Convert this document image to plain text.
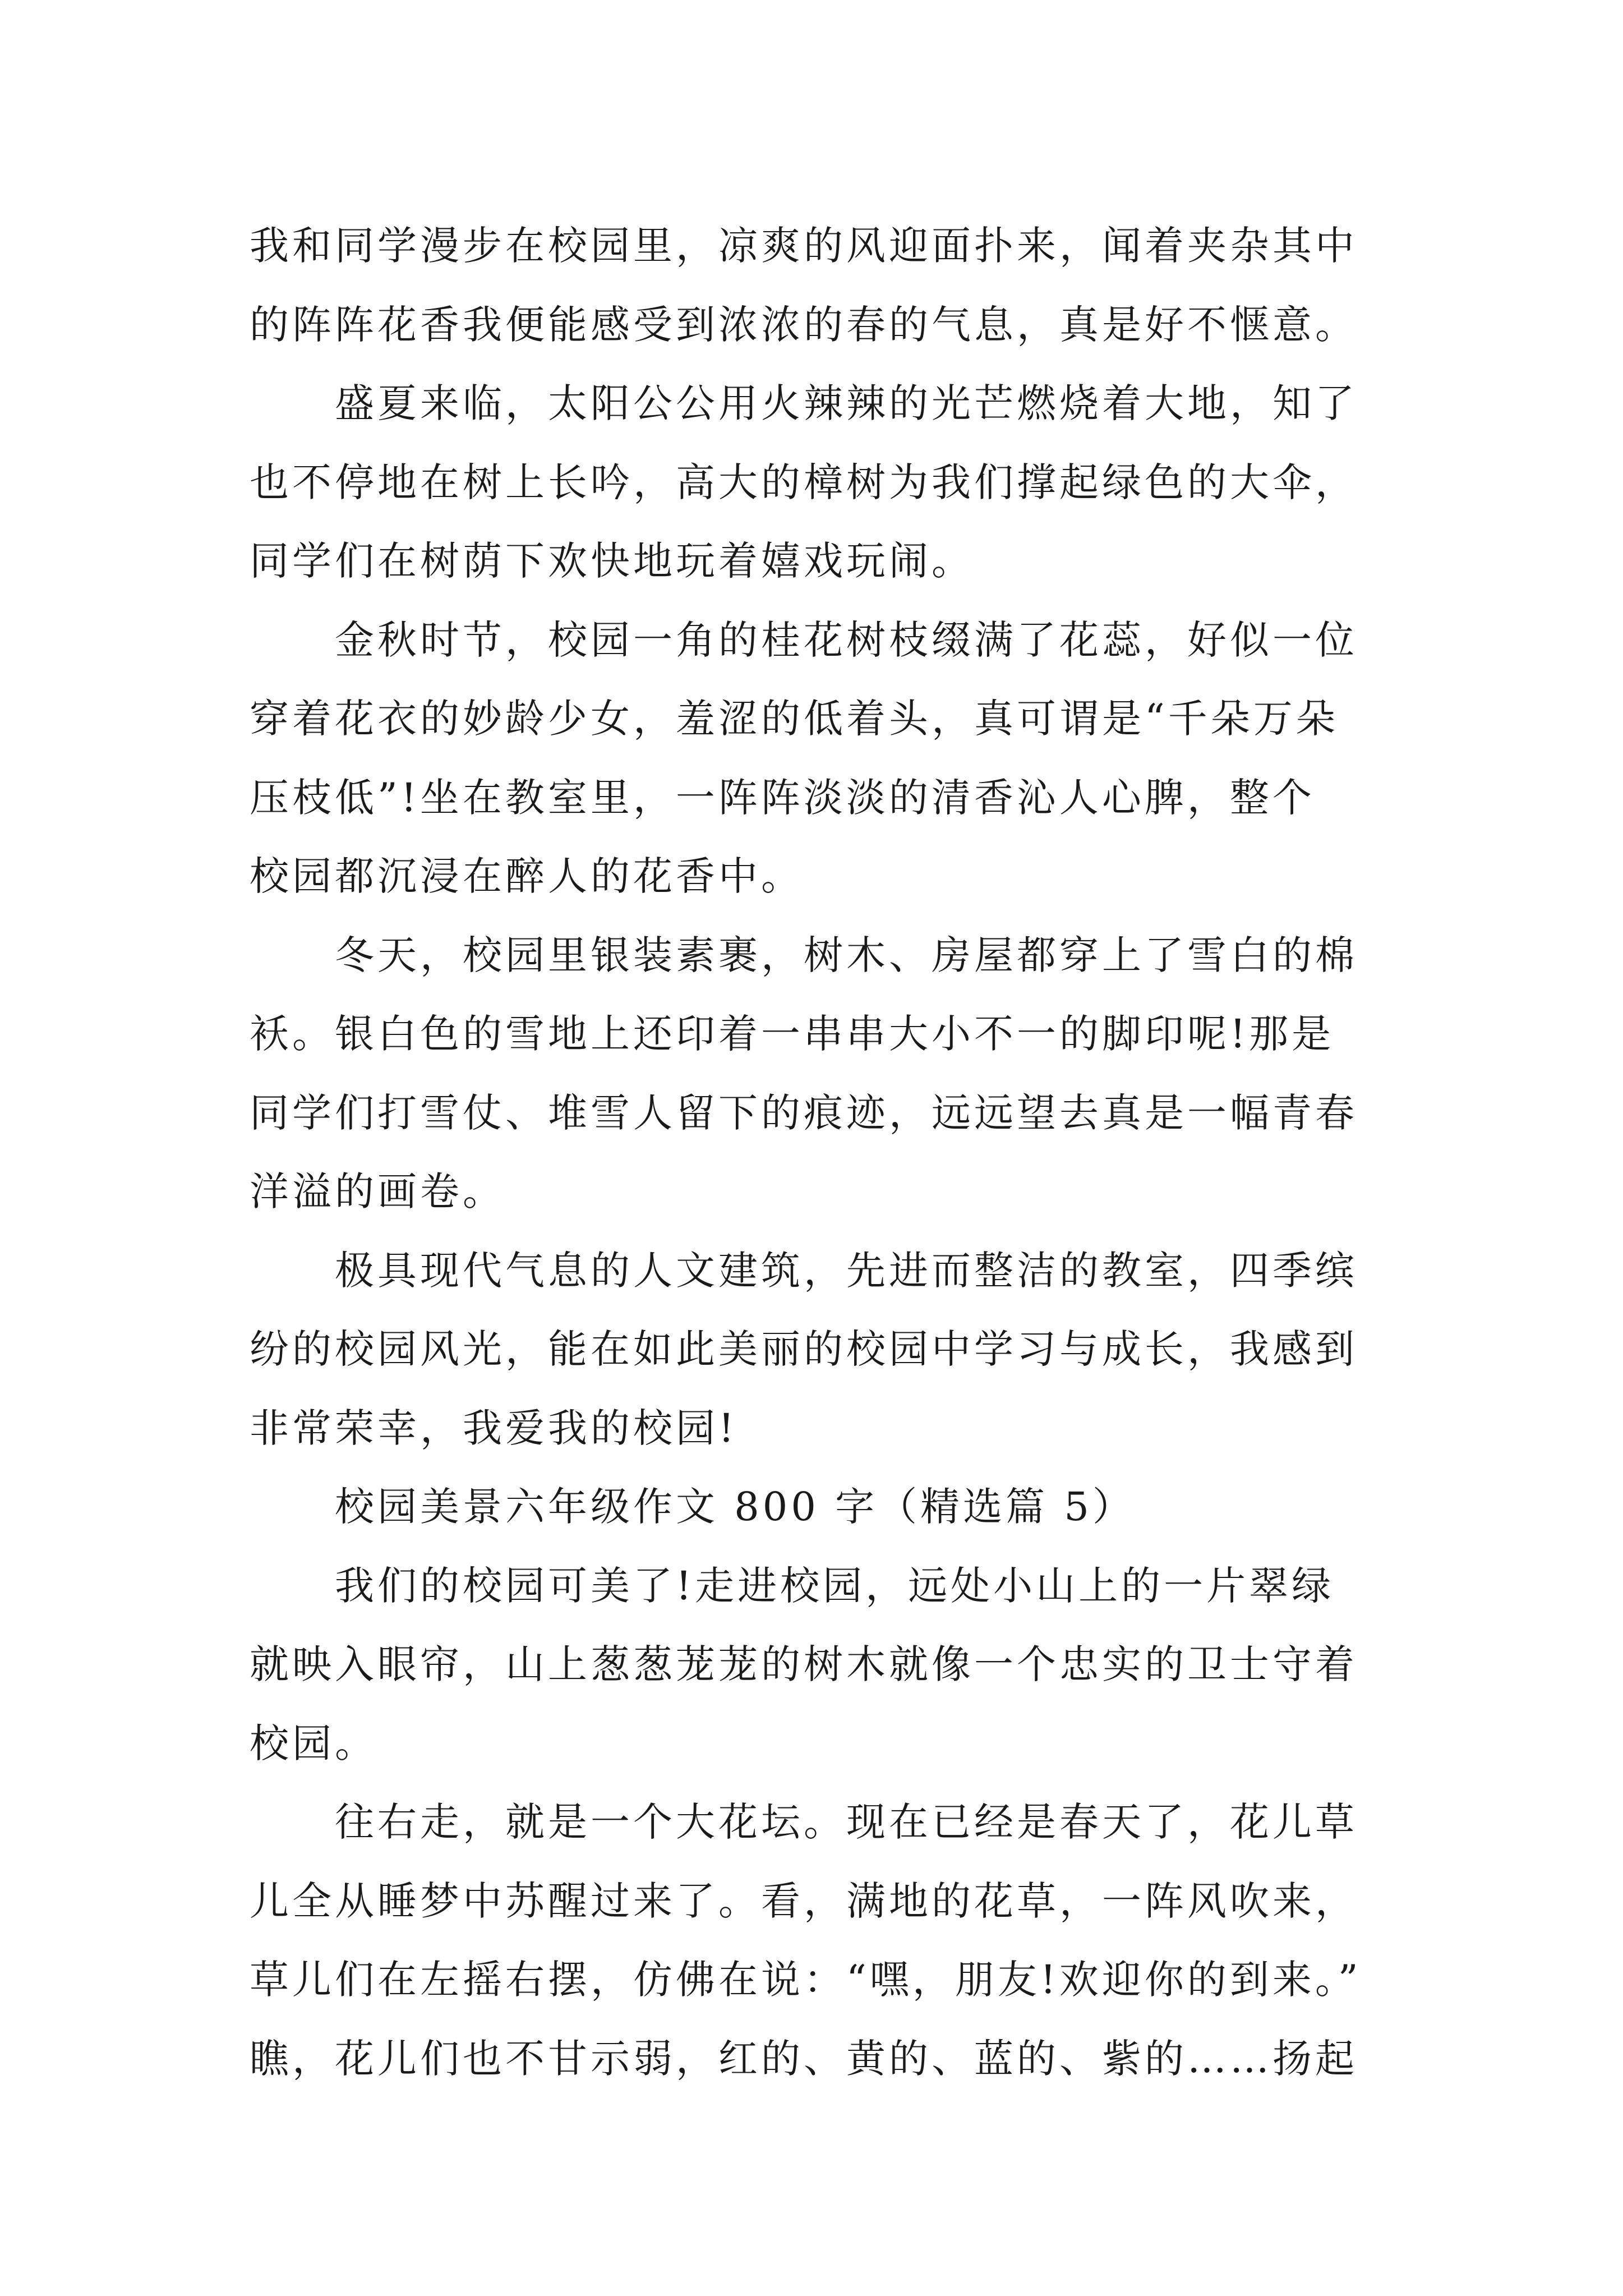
我和同学漫步在校园里，凉爽的风迎面扑来，闻着夹杂其中
的阵阵花香我便能感受到浓浓的春的气息，真是好不惬意。
盛夏来临，太阳公公用火辣辣的光芒燃烧着大地，知了
也不停地在树上长吟，高大的樟树为我们撑起绿色的大伞，
同学们在树荫下欢快地玩着嬉戏玩闹。
金秋时节，校园一角的桂花树枝缀满了花蕊，好似一位
穿着花衣的妙龄少女，羞涩的低着头，真可谓是“千朵万朵
压枝低”!坐在教室里，一阵阵淡淡的清香沁人心脾，整个
校园都沉浸在醉人的花香中。
冬天，校园里银装素裹，树木、房屋都穿上了雪白的棉
袄。银白色的雪地上还印着一串串大小不一的脚印呢!那是
同学们打雪仗、堆雪人留下的痕迹，远远望去真是一幅青春
洋溢的画卷。
极具现代气息的人文建筑，先进而整洁的教室，四季缤
纷的校园风光，能在如此美丽的校园中学习与成长，我感到
非常荣幸，我爱我的校园!
校园美景六年级作文 800 字（精选篇 5）
我们的校园可美了!走进校园，远处小山上的一片翠绿
就映入眼帘，山上葱葱茏茏的树木就像一个忠实的卫士守着
校园。
往右走，就是一个大花坛。现在已经是春天了，花儿草
儿全从睡梦中苏醒过来了。看，满地的花草，一阵风吹来，
草儿们在左摇右摆，仿佛在说：“嘿，朋友!欢迎你的到来。”
瞧，花儿们也不甘示弱，红的、黄的、蓝的、紫的……扬起
